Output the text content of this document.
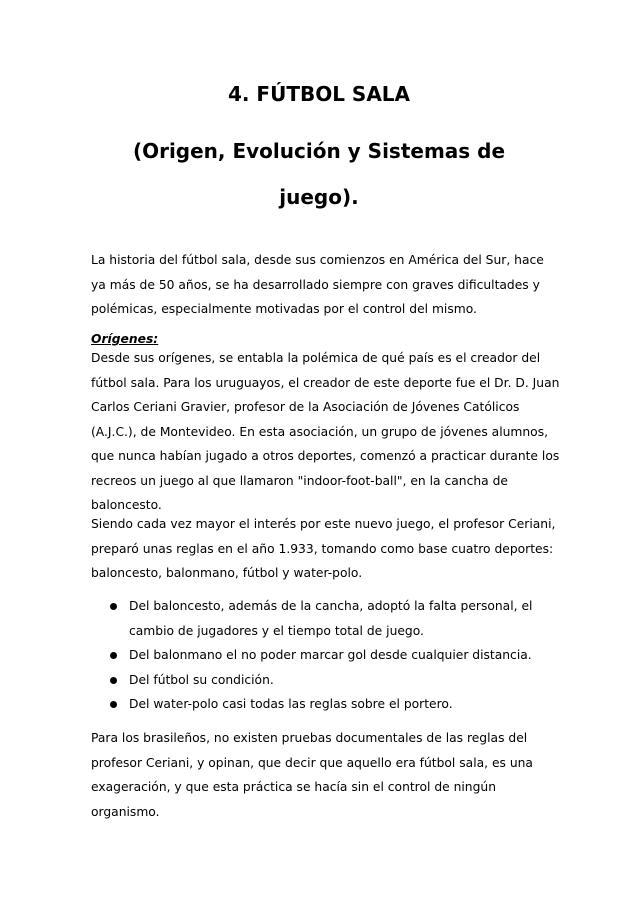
4. FÚTBOL SALA
(Origen, Evolución y Sistemas de juego).

La historia del fútbol sala, desde sus comienzos en América del Sur, hace ya más de 50 años, se ha desarrollado siempre con graves dificultades y polémicas, especialmente motivadas por el control del mismo.

Orígenes:

Desde sus orígenes, se entabla la polémica de qué país es el creador del fútbol sala. Para los uruguayos, el creador de este deporte fue el Dr. D. Juan Carlos Ceriani Gravier, profesor de la Asociación de Jóvenes Católicos (A.J.C.), de Montevideo. En esta asociación, un grupo de jóvenes alumnos, que nunca habían jugado a otros deportes, comenzó a practicar durante los recreos un juego al que llamaron "indoor-foot-ball", en la cancha de baloncesto.

Siendo cada vez mayor el interés por este nuevo juego, el profesor Ceriani, preparó unas reglas en el año 1.933, tomando como base cuatro deportes: baloncesto, balonmano, fútbol y water-polo.

Del baloncesto, además de la cancha, adoptó la falta personal, el cambio de jugadores y el tiempo total de juego.
Del balonmano el no poder marcar gol desde cualquier distancia.
Del fútbol su condición.
Del water-polo casi todas las reglas sobre el portero.

Para los brasileños, no existen pruebas documentales de las reglas del profesor Ceriani, y opinan, que decir que aquello era fútbol sala, es una exageración, y que esta práctica se hacía sin el control de ningún organismo.
